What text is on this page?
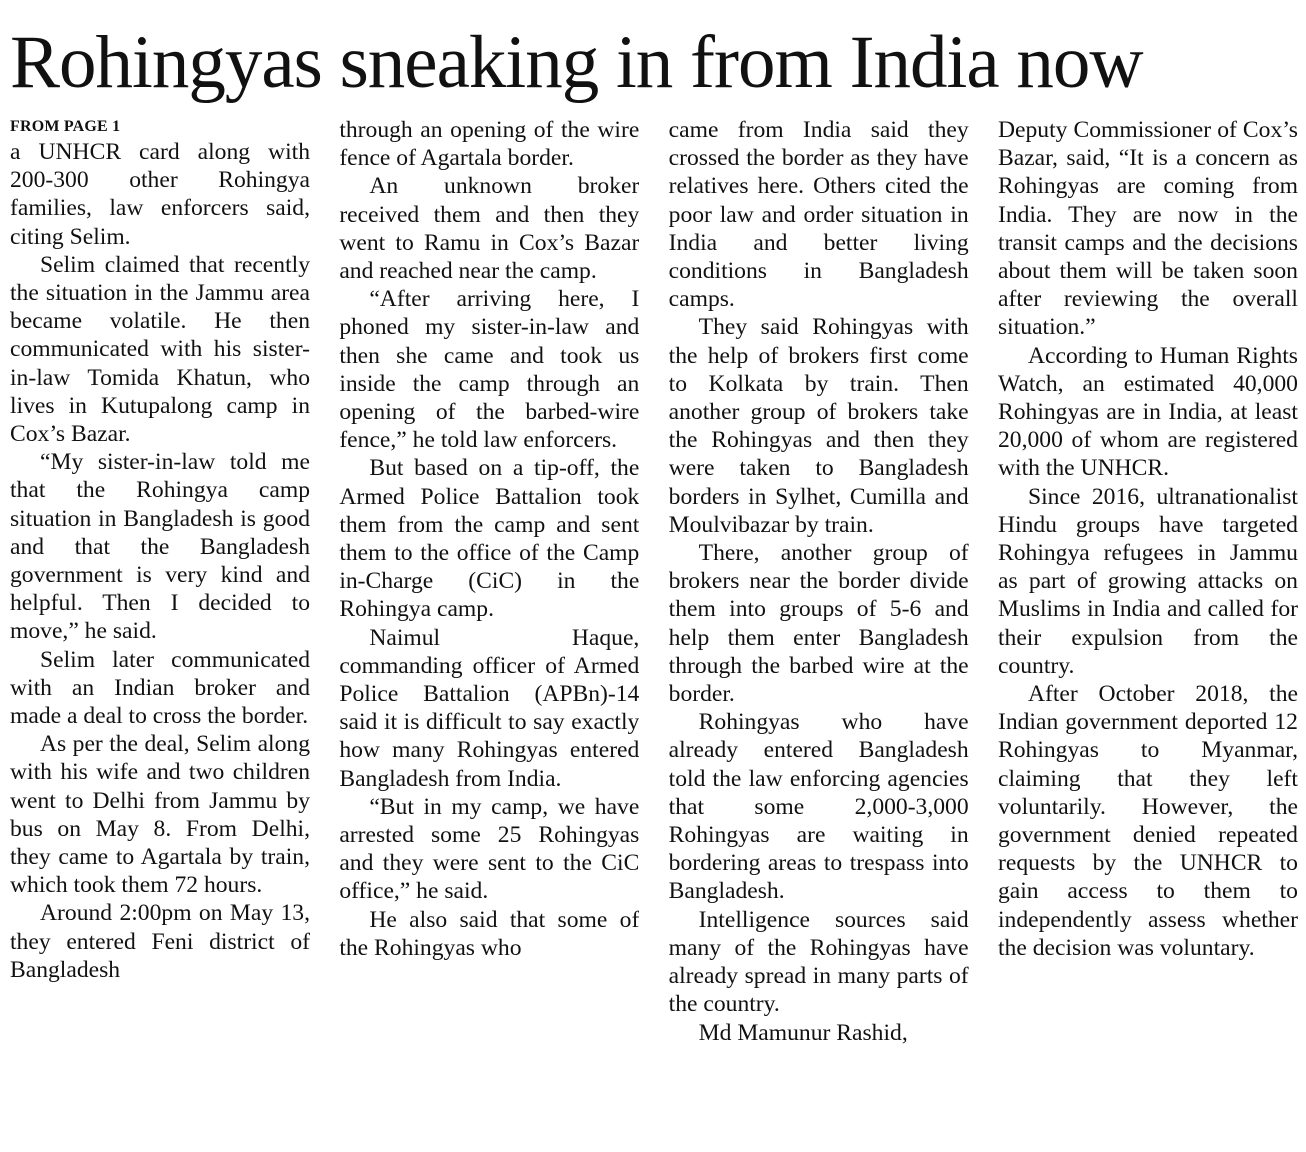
Rohingyas sneaking in from India now
FROM PAGE 1

a UNHCR card along with 200-300 other Rohingya families, law enforcers said, citing Selim.

Selim claimed that recently the situation in the Jammu area became volatile. He then communicated with his sister-in-law Tomida Khatun, who lives in Kutupalong camp in Cox’s Bazar.

“My sister-in-law told me that the Rohingya camp situation in Bangladesh is good and that the Bangladesh government is very kind and helpful. Then I decided to move,” he said.

Selim later communicated with an Indian broker and made a deal to cross the border.

As per the deal, Selim along with his wife and two children went to Delhi from Jammu by bus on May 8. From Delhi, they came to Agartala by train, which took them 72 hours.

Around 2:00pm on May 13, they entered Feni district of Bangladesh

through an opening of the wire fence of Agartala border.

An unknown broker received them and then they went to Ramu in Cox’s Bazar and reached near the camp.

“After arriving here, I phoned my sister-in-law and then she came and took us inside the camp through an opening of the barbed-wire fence,” he told law enforcers.

But based on a tip-off, the Armed Police Battalion took them from the camp and sent them to the office of the Camp in-Charge (CiC) in the Rohingya camp.

Naimul Haque, commanding officer of Armed Police Battalion (APBn)-14 said it is difficult to say exactly how many Rohingyas entered Bangladesh from India.

“But in my camp, we have arrested some 25 Rohingyas and they were sent to the CiC office,” he said.

He also said that some of the Rohingyas who

came from India said they crossed the border as they have relatives here. Others cited the poor law and order situation in India and better living conditions in Bangladesh camps.

They said Rohingyas with the help of brokers first come to Kolkata by train. Then another group of brokers take the Rohingyas and then they were taken to Bangladesh borders in Sylhet, Cumilla and Moulvibazar by train.

There, another group of brokers near the border divide them into groups of 5-6 and help them enter Bangladesh through the barbed wire at the border.

Rohingyas who have already entered Bangladesh told the law enforcing agencies that some 2,000-3,000 Rohingyas are waiting in bordering areas to trespass into Bangladesh.

Intelligence sources said many of the Rohingyas have already spread in many parts of the country.

Md Mamunur Rashid,

Deputy Commissioner of Cox’s Bazar, said, “It is a concern as Rohingyas are coming from India. They are now in the transit camps and the decisions about them will be taken soon after reviewing the overall situation.”

According to Human Rights Watch, an estimated 40,000 Rohingyas are in India, at least 20,000 of whom are registered with the UNHCR.

Since 2016, ultranationalist Hindu groups have targeted Rohingya refugees in Jammu as part of growing attacks on Muslims in India and called for their expulsion from the country.

After October 2018, the Indian government deported 12 Rohingyas to Myanmar, claiming that they left voluntarily. However, the government denied repeated requests by the UNHCR to gain access to them to independently assess whether the decision was voluntary.
